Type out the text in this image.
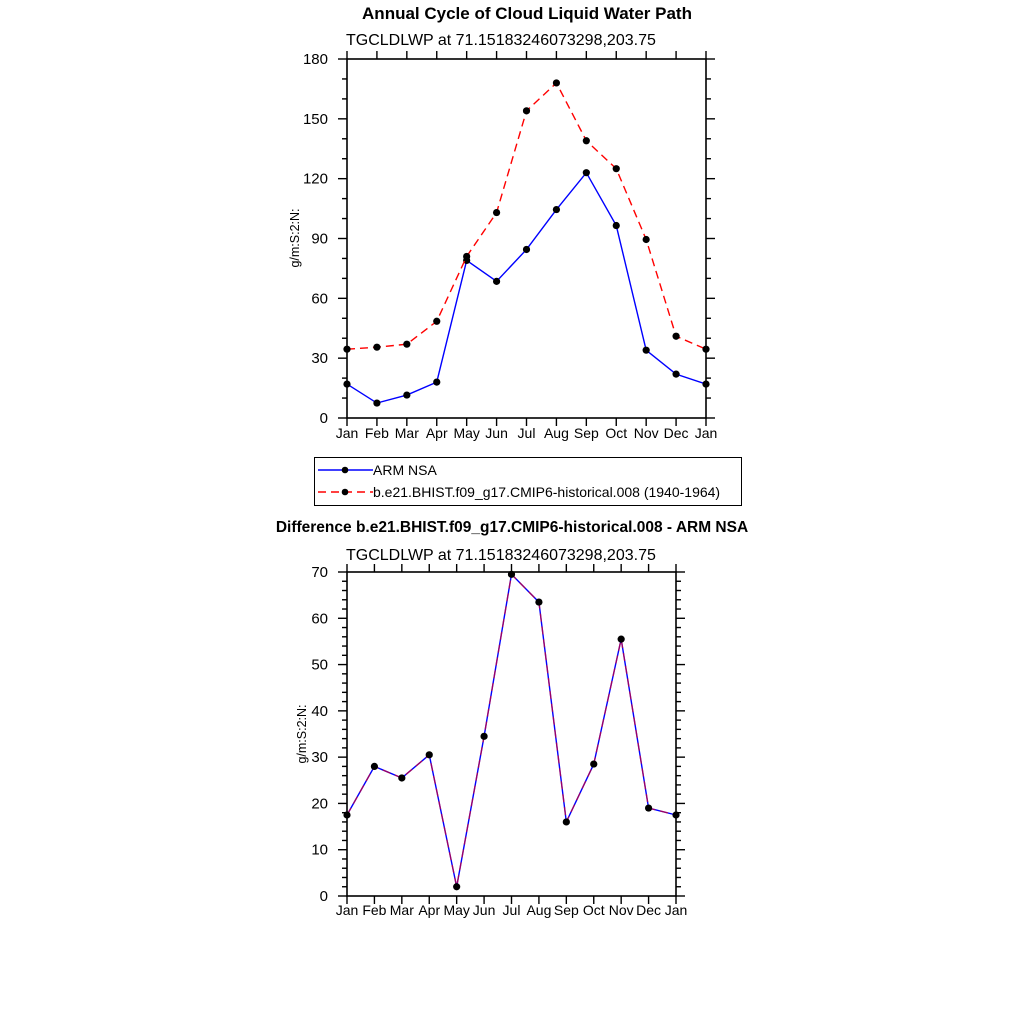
Annual Cycle of Cloud Liquid Water Path
TGCLDLWP at 71.15183246073298,203.75
g/m:S:2:N:
Jan Feb Mar Apr May Jun Jul Aug Sep Oct Nov Dec Jan
0
30
60
90
120
150
180
ARM NSA
b.e21.BHIST.f09_g17.CMIP6-historical.008 (1940-1964)
Difference b.e21.BHIST.f09_g17.CMIP6-historical.008 - ARM NSA
TGCLDLWP at 71.15183246073298,203.75
g/m:S:2:N:
Jan Feb Mar Apr May Jun Jul Aug Sep Oct Nov Dec Jan
0
10
20
30
40
50
60
70
